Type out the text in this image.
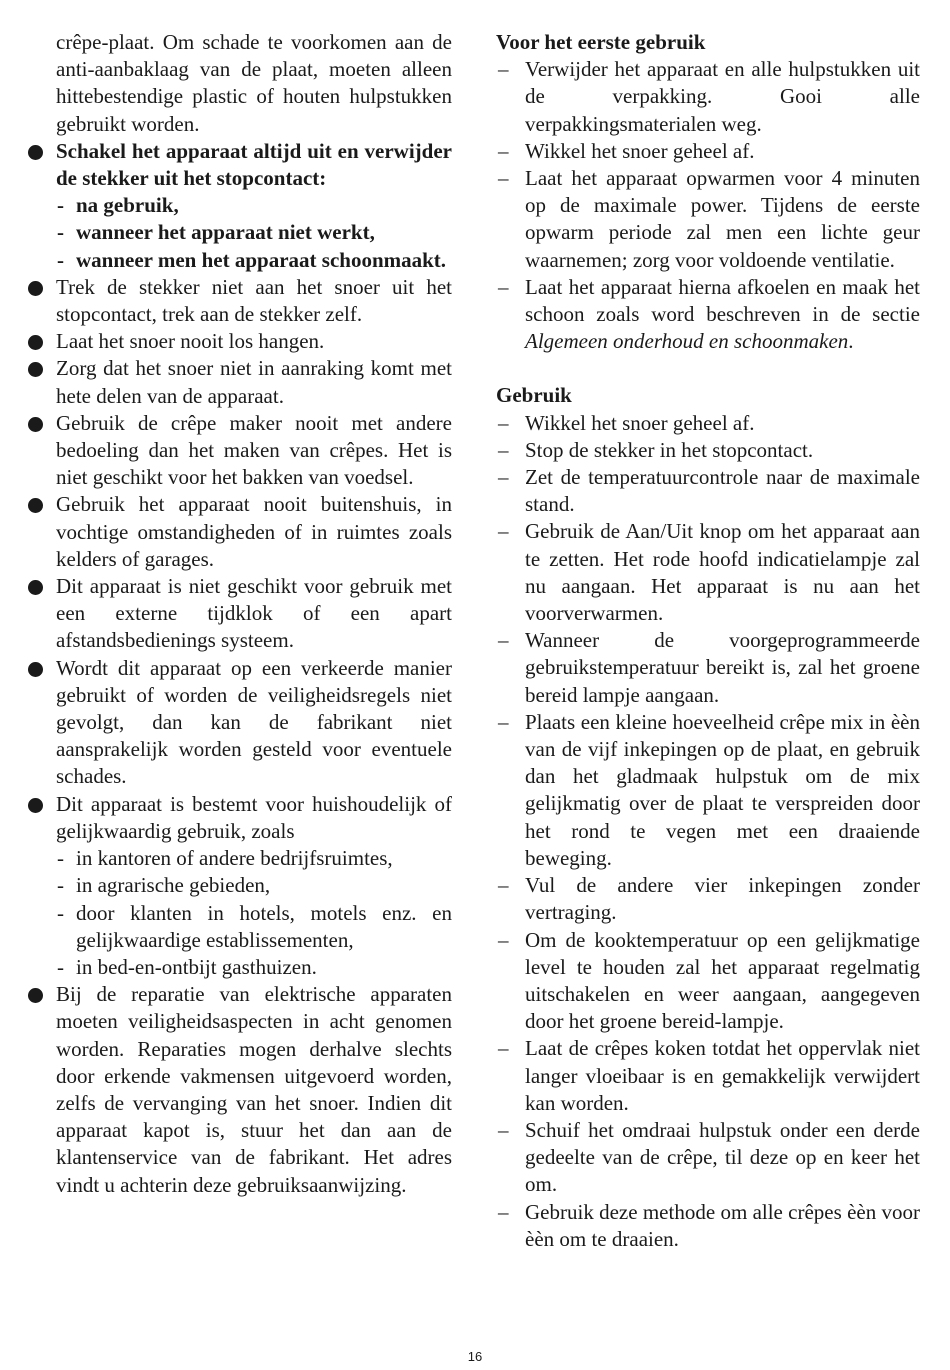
crêpe-plaat. Om schade te voorkomen aan de anti-aanbaklaag van de plaat, moeten alleen hittebestendige plastic of houten hulpstukken gebruikt worden.

Schakel het apparaat altijd uit en verwijder de stekker uit het stopcontact:
- na gebruik,
- wanneer het apparaat niet werkt,
- wanneer men het apparaat schoonmaakt.
Trek de stekker niet aan het snoer uit het stopcontact, trek aan de stekker zelf.
Laat het snoer nooit los hangen.
Zorg dat het snoer niet in aanraking komt met hete delen van de apparaat.
Gebruik de crêpe maker nooit met andere bedoeling dan het maken van crêpes. Het is niet geschikt voor het bakken van voedsel.
Gebruik het apparaat nooit buitenshuis, in vochtige omstandigheden of in ruimtes zoals kelders of garages.
Dit apparaat is niet geschikt voor gebruik met een externe tijdklok of een apart afstandsbedienings systeem.
Wordt dit apparaat op een verkeerde manier gebruikt of worden de veiligheidsregels niet gevolgt, dan kan de fabrikant niet aansprakelijk worden gesteld voor eventuele schades.
Dit apparaat is bestemt voor huishoudelijk of gelijkwaardig gebruik, zoals
- in kantoren of andere bedrijfsruimtes,
- in agrarische gebieden,
- door klanten in hotels, motels enz. en gelijkwaardige establissementen,
- in bed-en-ontbijt gasthuizen.
Bij de reparatie van elektrische apparaten moeten veiligheidsaspecten in acht genomen worden. Reparaties mogen derhalve slechts door erkende vakmensen uitgevoerd worden, zelfs de vervanging van het snoer. Indien dit apparaat kapot is, stuur het dan aan de klantenservice van de fabrikant. Het adres vindt u achterin deze gebruiksaanwijzing.

Voor het eerste gebruik

– Verwijder het apparaat en alle hulpstukken uit de verpakking. Gooi alle verpakkingsmaterialen weg.
– Wikkel het snoer geheel af.
– Laat het apparaat opwarmen voor 4 minuten op de maximale power. Tijdens de eerste opwarm periode zal men een lichte geur waarnemen; zorg voor voldoende ventilatie.
– Laat het apparaat hierna afkoelen en maak het schoon zoals word beschreven in de sectie Algemeen onderhoud en schoonmaken.

Gebruik

– Wikkel het snoer geheel af.
– Stop de stekker in het stopcontact.
– Zet de temperatuurcontrole naar de maximale stand.
– Gebruik de Aan/Uit knop om het apparaat aan te zetten. Het rode hoofd indicatielampje zal nu aangaan. Het apparaat is nu aan het voorverwarmen.
– Wanneer de voorgeprogrammeerde gebruikstemperatuur bereikt is, zal het groene bereid lampje aangaan.
– Plaats een kleine hoeveelheid crêpe mix in èèn van de vijf inkepingen op de plaat, en gebruik dan het gladmaak hulpstuk om de mix gelijkmatig over de plaat te verspreiden door het rond te vegen met een draaiende beweging.
– Vul de andere vier inkepingen zonder vertraging.
– Om de kooktemperatuur op een gelijkmatige level te houden zal het apparaat regelmatig uitschakelen en weer aangaan, aangegeven door het groene bereid-lampje.
– Laat de crêpes koken totdat het oppervlak niet langer vloeibaar is en gemakkelijk verwijdert kan worden.
– Schuif het omdraai hulpstuk onder een derde gedeelte van de crêpe, til deze op en keer het om.
– Gebruik deze methode om alle crêpes èèn voor èèn om te draaien.
16
